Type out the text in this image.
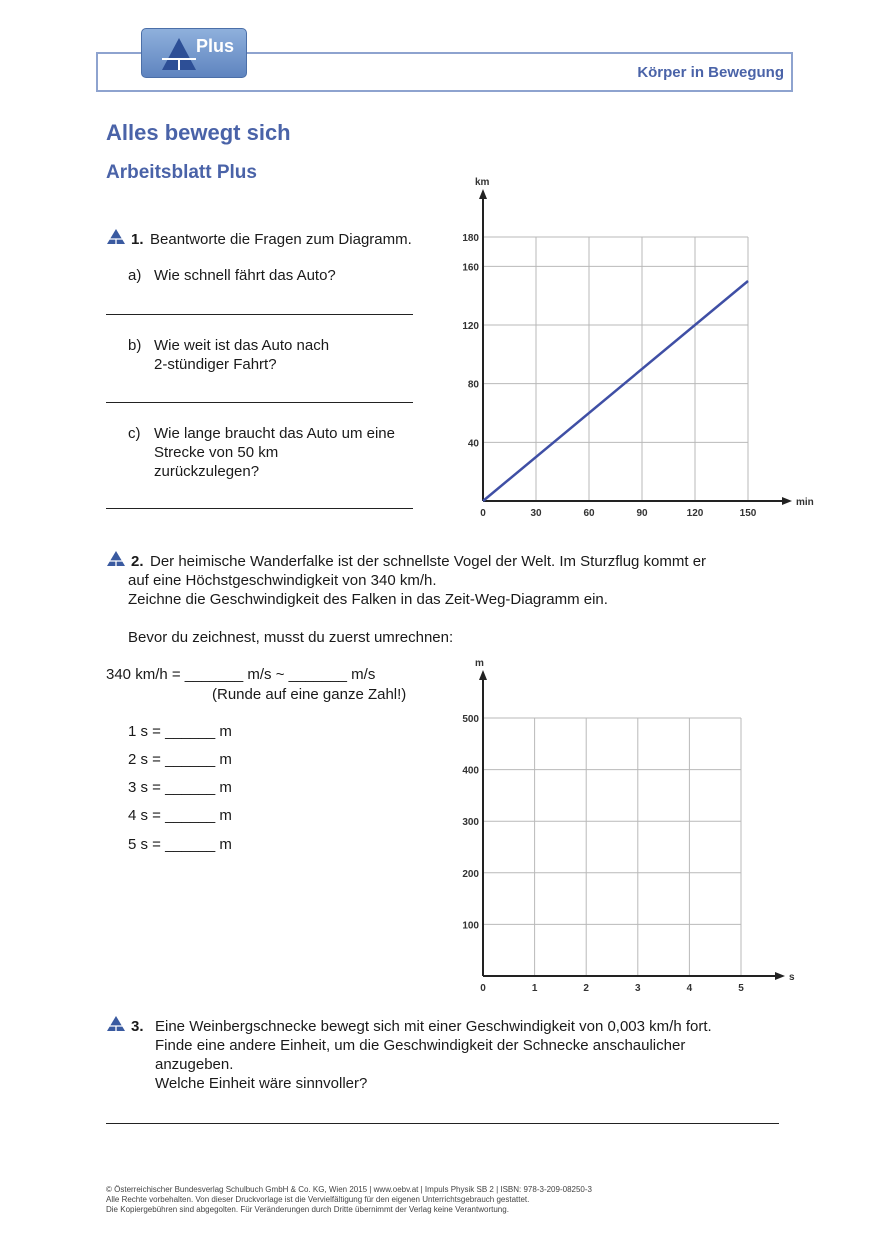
Plus
Körper in Bewegung
Alles bewegt sich
Arbeitsblatt Plus
1. Beantworte die Fragen zum Diagramm.
a) Wie schnell fährt das Auto?
b) Wie weit ist das Auto nach
2-stündiger Fahrt?
c) Wie lange braucht das Auto um eine
Strecke von 50 km
zurückzulegen?
0	30	60	90	120	150
40
80
120
160
180
min
km
2. Der heimische Wanderfalke ist der schnellste Vogel der Welt. Im Sturzflug kommt er
auf eine Höchstgeschwindigkeit von 340 km/h.
Zeichne die Geschwindigkeit des Falken in das Zeit-Weg-Diagramm ein.
Bevor du zeichnest, musst du zuerst umrechnen:
340 km/h = _______ m/s ~ _______ m/s
(Runde auf eine ganze Zahl!)
1 s = ______ m
2 s = ______ m
3 s = ______ m
4 s = ______ m
5 s = ______ m
0	1	2	3	4	5
100
200
300
400
500
s
m
3. Eine Weinbergschnecke bewegt sich mit einer Geschwindigkeit von 0,003 km/h fort.
Finde eine andere Einheit, um die Geschwindigkeit der Schnecke anschaulicher
anzugeben.
Welche Einheit wäre sinnvoller?
© Österreichischer Bundesverlag Schulbuch GmbH & Co. KG, Wien 2015 | www.oebv.at | Impuls Physik SB 2 | ISBN: 978-3-209-08250-3
Alle Rechte vorbehalten. Von dieser Druckvorlage ist die Vervielfältigung für den eigenen Unterrichtsgebrauch gestattet.
Die Kopiergebühren sind abgegolten. Für Veränderungen durch Dritte übernimmt der Verlag keine Verantwortung.
